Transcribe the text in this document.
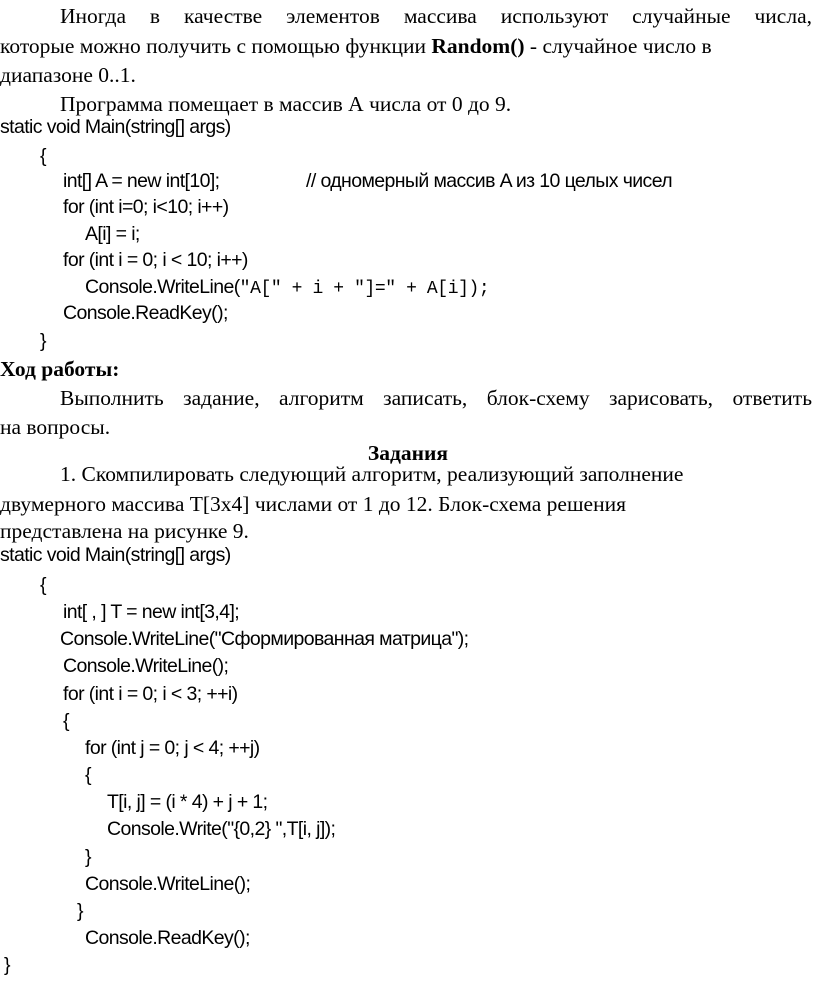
Иногда в качестве элементов массива используют случайные числа,
которые можно получить с помощью функции Random() - случайное число в
диапазоне 0..1.
Программа помещает в массив А числа от 0 до 9.
static void Main(string[] args)
{
int[] A = new int[10];	// одномерный массив A из 10 целых чисел
for (int i=0; i<10; i++)
A[i] = i;
for (int i = 0; i < 10; i++)
Console.WriteLine("A[" + i + "]=" + A[i]);
Console.ReadKey();
}
Ход работы:
Выполнить задание, алгоритм записать, блок-схему зарисовать, ответить
на вопросы.
Задания
1. Скомпилировать следующий алгоритм, реализующий заполнение
двумерного массива T[3x4] числами от 1 до 12. Блок-схема решения
представлена на рисунке 9.
static void Main(string[] args)
{
int[ , ] T = new int[3,4];
Console.WriteLine("Сформированная матрица");
Console.WriteLine();
for (int i = 0; i < 3; ++i)
{
for (int j = 0; j < 4; ++j)
{
T[i, j] = (i * 4) + j + 1;
Console.Write("{0,2} ",T[i, j]);
}
Console.WriteLine();
}
Console.ReadKey();
}
